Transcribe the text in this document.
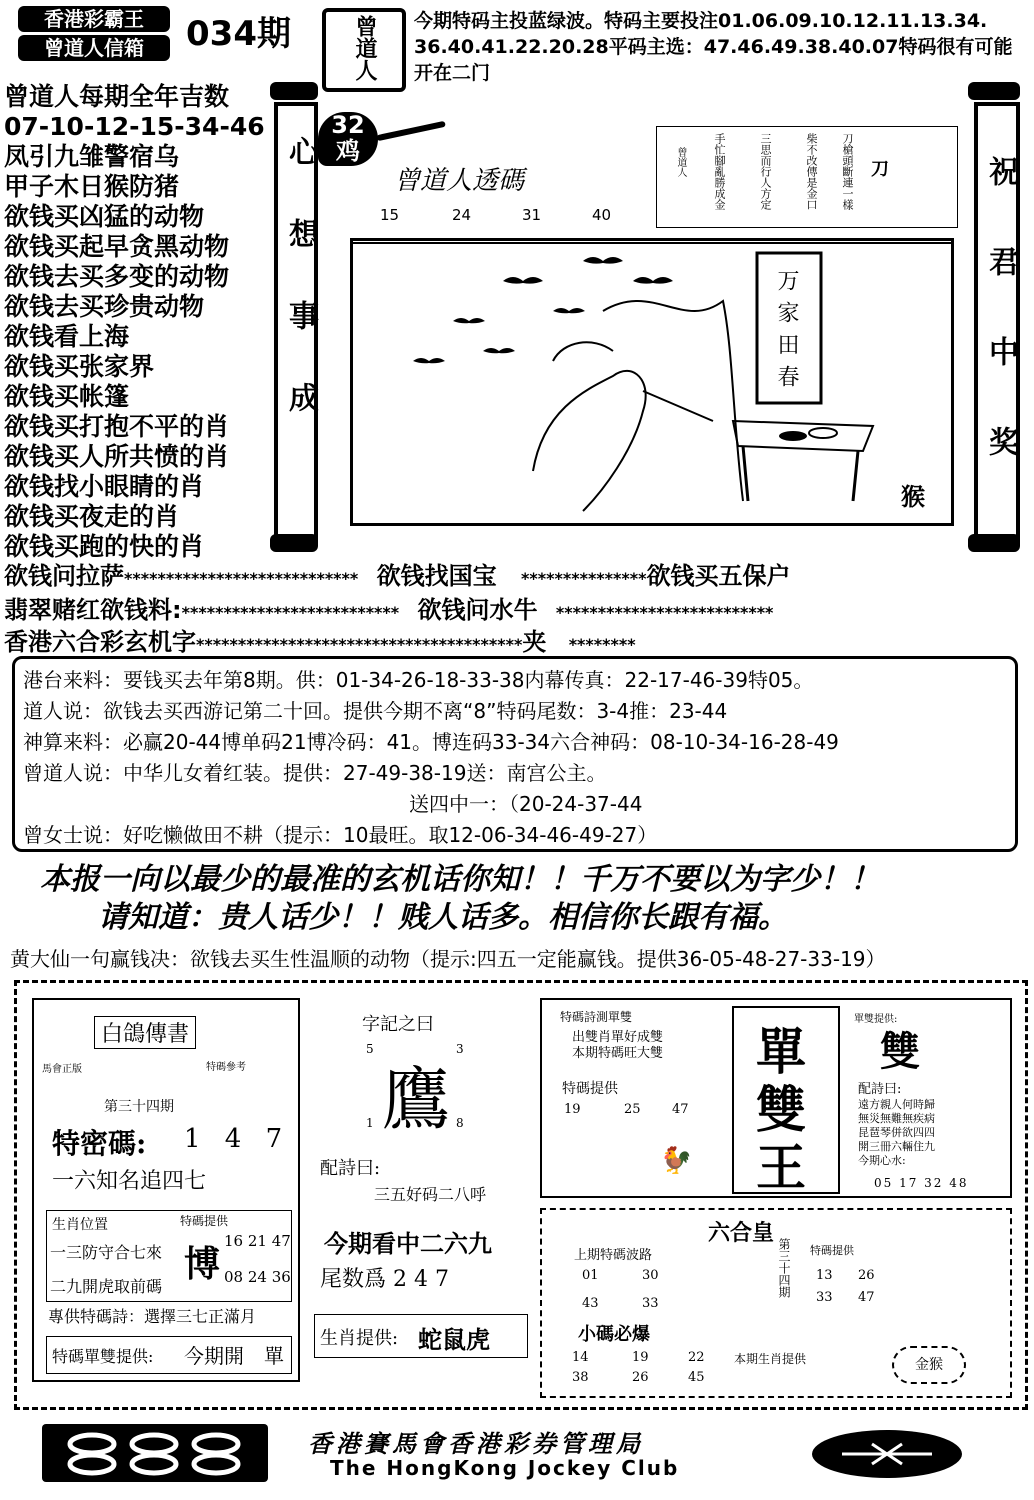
香港彩霸王
曾道人信箱	034期	曾道人	今期特码主投蓝绿波。特码主要投注01.06.09.10.12.11.13.34.
36.40.41.22.20.28平码主选：47.46.49.38.40.07特码很有可能
开在二门
曾道人每期全年吉数
07-10-12-15-34-46
凤引九雏警宿乌
甲子木日猴防猪
欲钱买凶猛的动物
欲钱买起早贪黑动物
欲钱去买多变的动物
欲钱去买珍贵动物
欲钱看上海
欲钱买张家界
欲钱买帐篷
欲钱买打抱不平的肖
欲钱买人所共愤的肖
欲钱找小眼睛的肖
欲钱买夜走的肖
欲钱买跑的快的肖
心想事成	祝君中奖
32
鸡
曾道人透碼
15	24	31	40
刀
刀槍頭斷連一樣
柴不改傳是金口
三思而行人方定
手忙腳亂勝成金
曾道人
万家田春
猴
欲钱问拉萨**************************** 欲钱找国宝 ***************欲钱买五保户
翡翠赌红欲钱料:************************** 欲钱问水牛 **************************
香港六合彩玄机字***************************************夹 ********
港台来料：要钱买去年第8期。供：01-34-26-18-33-38内幕传真：22-17-46-39特05。
道人说：欲钱去买西游记第二十回。提供今期不离“8”特码尾数：3-4推：23-44
神算来料：必赢20-44博单码21博冷码：41。博连码33-34六合神码：08-10-34-16-28-49
曾道人说：中华儿女着红装。提供：27-49-38-19送：南宫公主。
送四中一：（20-24-37-44
曾女士说：好吃懒做田不耕（提示：10最旺。取12-06-34-46-49-27）
本报一向以最少的最准的玄机话你知！！千万不要以为字少！！
请知道：贵人话少！！贱人话多。相信你长跟有福。
黄大仙一句赢钱决：欲钱去买生性温顺的动物（提示:四五一定能赢钱。提供36-05-48-27-33-19）
白鴿傳書
馬會正版	特碼參考
第三十四期
特密碼: 1 4 7
一六知名追四七
生肖位置	特碼提供
一三防守合七來
二九開虎取前碼
博
16 21 47
08 24 36
專供特碼詩：選擇三七正滿月
特碼單雙提供: 今期開　單
字記之曰
5	3
鷹
1	8
配詩曰:
三五好码二八呼
今期看中二六九
尾数爲 2 4 7
生肖提供: 蛇鼠虎
特碼詩測單雙
出雙肖單好成雙
本期特碼旺大雙
特碼提供
19	25 47
🐓
單
雙
王
單雙提供:
雙
配詩曰:
遠方親人何時歸
無災無難無疾病
昆琶琴併欲四四
開三冊六輛住九
今期心水:
05 17 32 48
六合皇
上期特碼波路
01	30
43	33
第三十四期 特碼提供
13 26
33 47
小碼必爆
14	19	22
38	26	45
本期生肖提供	金猴
香港賽馬會香港彩券管理局
The HongKong Jockey Club
